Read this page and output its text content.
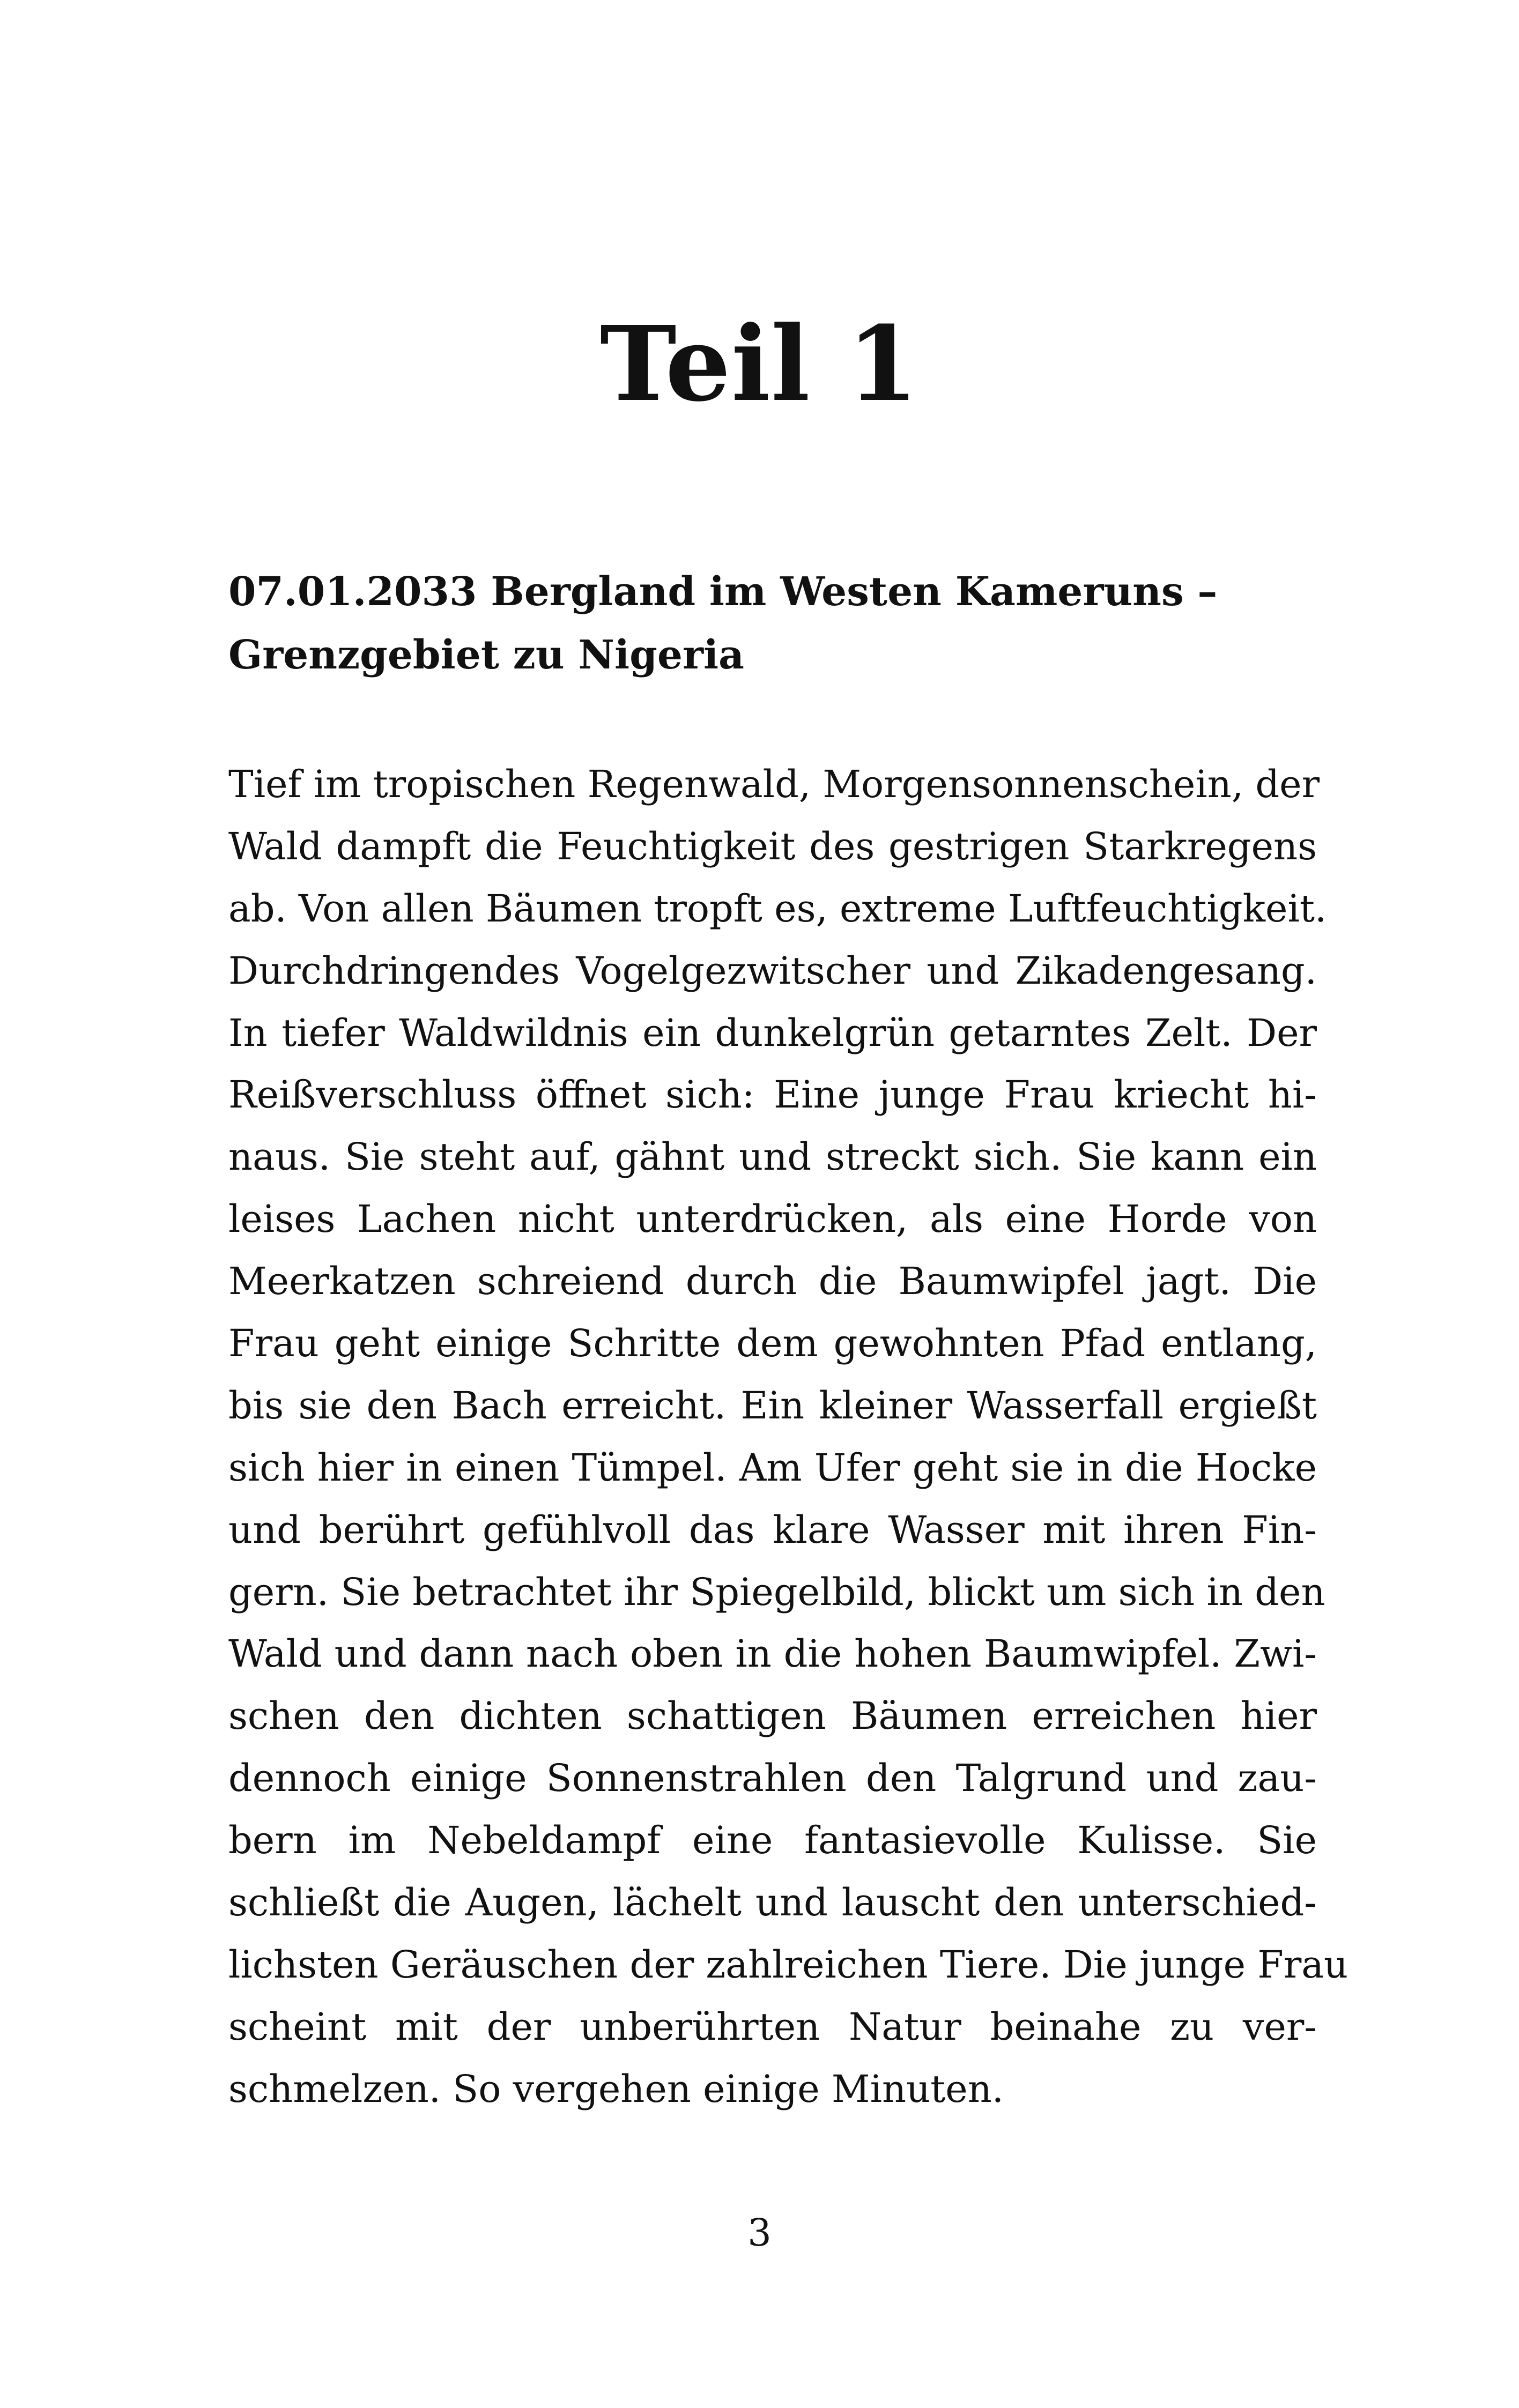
Teil 1
07.01.2033 Bergland im Westen Kameruns –
Grenzgebiet zu Nigeria
Tief im tropischen Regenwald, Morgensonnenschein, der
Wald dampft die Feuchtigkeit des gestrigen Starkregens
ab. Von allen Bäumen tropft es, extreme Luftfeuchtigkeit.
Durchdringendes Vogelgezwitscher und Zikadengesang.
In tiefer Waldwildnis ein dunkelgrün getarntes Zelt. Der
Reißverschluss öffnet sich: Eine junge Frau kriecht hi-
naus. Sie steht auf, gähnt und streckt sich. Sie kann ein
leises Lachen nicht unterdrücken, als eine Horde von
Meerkatzen schreiend durch die Baumwipfel jagt. Die
Frau geht einige Schritte dem gewohnten Pfad entlang,
bis sie den Bach erreicht. Ein kleiner Wasserfall ergießt
sich hier in einen Tümpel. Am Ufer geht sie in die Hocke
und berührt gefühlvoll das klare Wasser mit ihren Fin-
gern. Sie betrachtet ihr Spiegelbild, blickt um sich in den
Wald und dann nach oben in die hohen Baumwipfel. Zwi-
schen den dichten schattigen Bäumen erreichen hier
dennoch einige Sonnenstrahlen den Talgrund und zau-
bern im Nebeldampf eine fantasievolle Kulisse. Sie
schließt die Augen, lächelt und lauscht den unterschied-
lichsten Geräuschen der zahlreichen Tiere. Die junge Frau
scheint mit der unberührten Natur beinahe zu ver-
schmelzen. So vergehen einige Minuten.
3
